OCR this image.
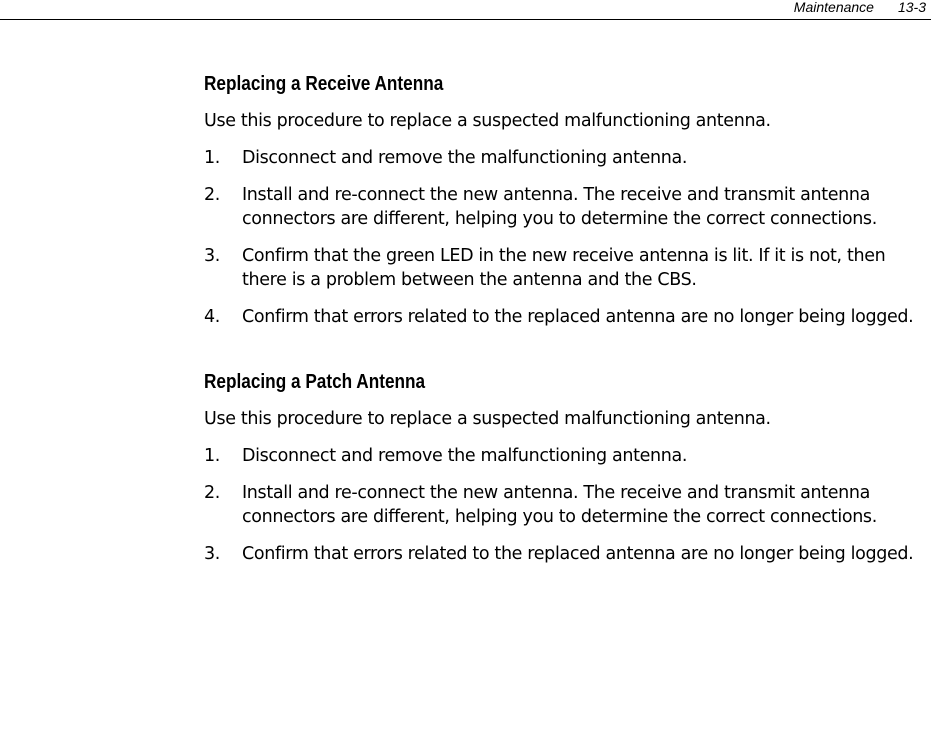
Maintenance 13-3
Replacing a Receive Antenna

Use this procedure to replace a suspected malfunctioning antenna.

1. Disconnect and remove the malfunctioning antenna.
2. Install and re-connect the new antenna. The receive and transmit antenna connectors are different, helping you to determine the correct connections.
3. Confirm that the green LED in the new receive antenna is lit. If it is not, then there is a problem between the antenna and the CBS.
4. Confirm that errors related to the replaced antenna are no longer being logged.
Replacing a Patch Antenna

Use this procedure to replace a suspected malfunctioning antenna.

1. Disconnect and remove the malfunctioning antenna.
2. Install and re-connect the new antenna. The receive and transmit antenna connectors are different, helping you to determine the correct connections.
3. Confirm that errors related to the replaced antenna are no longer being logged.
